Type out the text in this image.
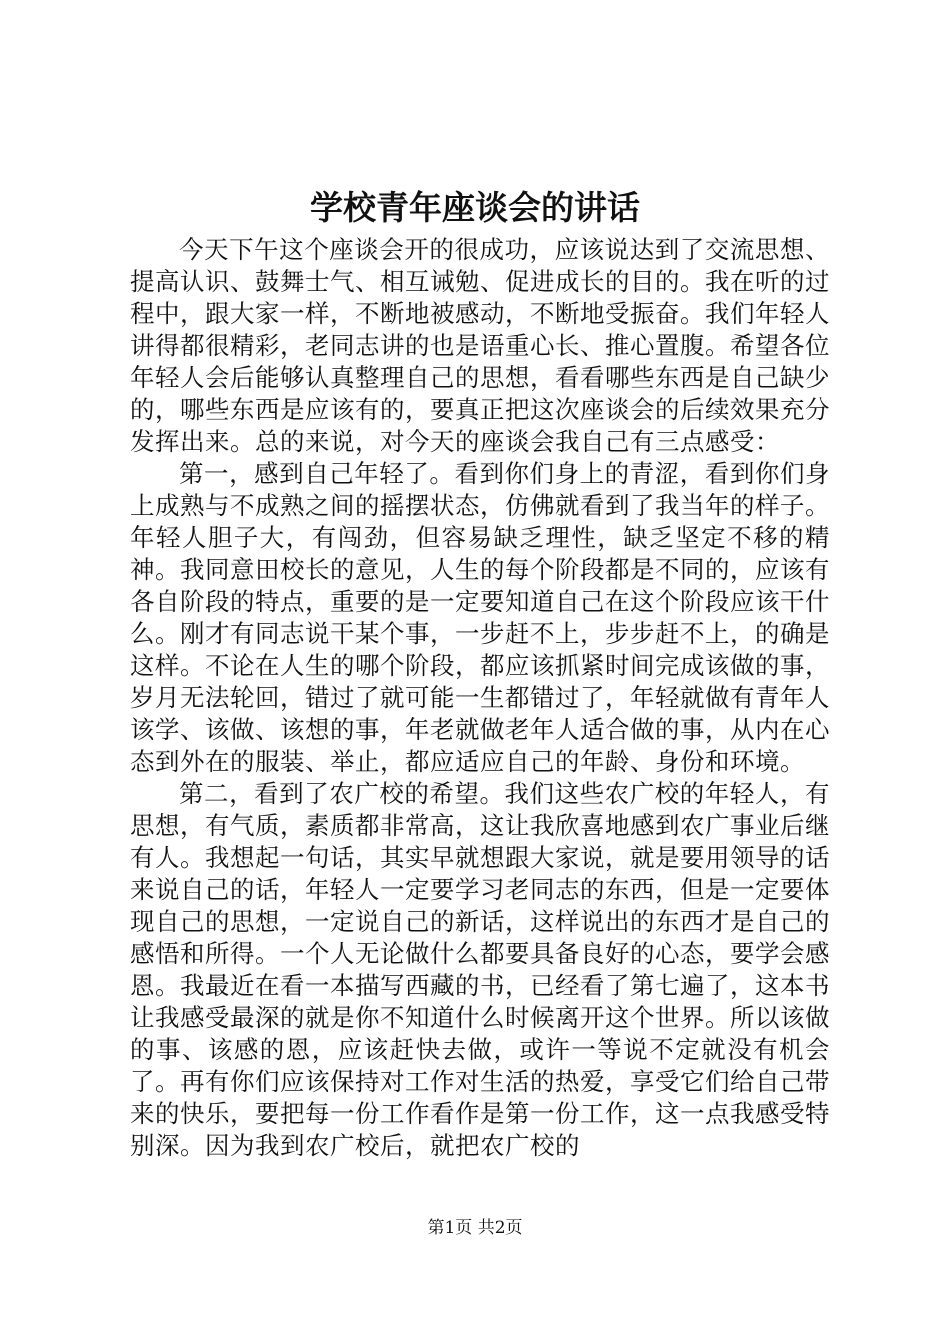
学校青年座谈会的讲话

今天下午这个座谈会开的很成功，应该说达到了交流思想、提高认识、鼓舞士气、相互诫勉、促进成长的目的。我在听的过程中，跟大家一样，不断地被感动，不断地受振奋。我们年轻人讲得都很精彩，老同志讲的也是语重心长、推心置腹。希望各位年轻人会后能够认真整理自己的思想，看看哪些东西是自己缺少的，哪些东西是应该有的，要真正把这次座谈会的后续效果充分发挥出来。总的来说，对今天的座谈会我自己有三点感受：

第一，感到自己年轻了。看到你们身上的青涩，看到你们身上成熟与不成熟之间的摇摆状态，仿佛就看到了我当年的样子。年轻人胆子大，有闯劲，但容易缺乏理性，缺乏坚定不移的精神。我同意田校长的意见，人生的每个阶段都是不同的，应该有各自阶段的特点，重要的是一定要知道自己在这个阶段应该干什么。刚才有同志说干某个事，一步赶不上，步步赶不上，的确是这样。不论在人生的哪个阶段，都应该抓紧时间完成该做的事，岁月无法轮回，错过了就可能一生都错过了，年轻就做有青年人该学、该做、该想的事，年老就做老年人适合做的事，从内在心态到外在的服装、举止，都应适应自己的年龄、身份和环境。

第二，看到了农广校的希望。我们这些农广校的年轻人，有思想，有气质，素质都非常高，这让我欣喜地感到农广事业后继有人。我想起一句话，其实早就想跟大家说，就是要用领导的话来说自己的话，年轻人一定要学习老同志的东西，但是一定要体现自己的思想，一定说自己的新话，这样说出的东西才是自己的感悟和所得。一个人无论做什么都要具备良好的心态，要学会感恩。我最近在看一本描写西藏的书，已经看了第七遍了，这本书让我感受最深的就是你不知道什么时候离开这个世界。所以该做的事、该感的恩，应该赶快去做，或许一等说不定就没有机会了。再有你们应该保持对工作对生活的热爱，享受它们给自己带来的快乐，要把每一份工作看作是第一份工作，这一点我感受特别深。因为我到农广校后，就把农广校的

第1页 共2页
